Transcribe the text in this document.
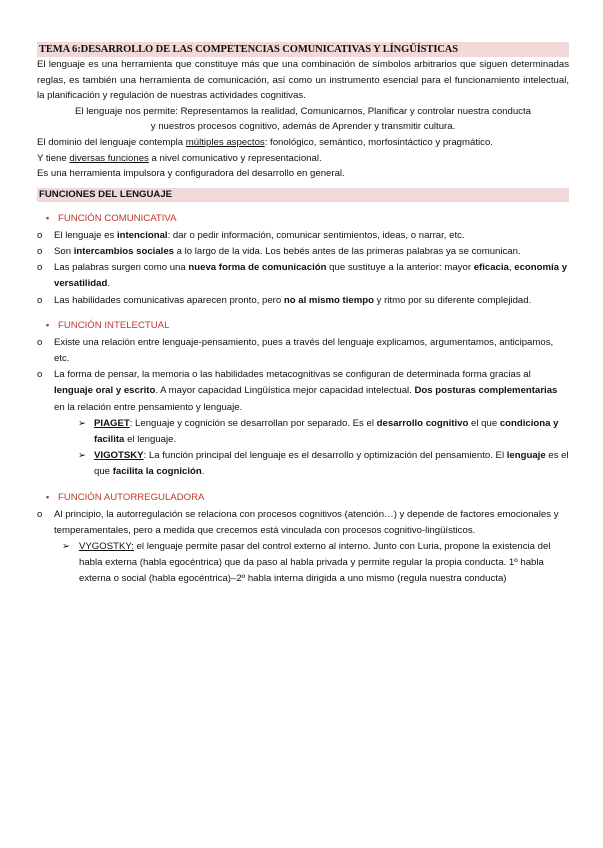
TEMA 6:DESARROLLO DE LAS COMPETENCIAS COMUNICATIVAS Y LÍNGÜÍSTICAS

El lenguaje es una herramienta que constituye más que una combinación de símbolos arbitrarios que siguen determinadas reglas, es también una herramienta de comunicación, así como un instrumento esencial para el funcionamiento intelectual, la planificación y regulación de nuestras actividades cognitivas.

El lenguaje nos permite: Representamos la realidad, Comunicarnos, Planificar y controlar nuestra conducta

y nuestros procesos cognitivo, además de Aprender y transmitir cultura.

El dominio del lenguaje contempla múltiples aspectos: fonológico, semántico, morfosintáctico y pragmático.

Y tiene diversas funciones a nivel comunicativo y representacional.

Es una herramienta impulsora y configuradora del desarrollo en general.

FUNCIONES DEL LENGUAJE
• FUNCIÓN COMUNICATIVA
o El lenguaje es intencional: dar o pedir información, comunicar sentimientos, ideas, o narrar, etc.
o Son intercambios sociales a lo largo de la vida. Los bebés antes de las primeras palabras ya se comunican.
o Las palabras surgen como una nueva forma de comunicación que sustituye a la anterior: mayor eficacia, economía y versatilidad.
o Las habilidades comunicativas aparecen pronto, pero no al mismo tiempo y ritmo por su diferente complejidad.
• FUNCIÓN INTELECTUAL
o Existe una relación entre lenguaje-pensamiento, pues a través del lenguaje explicamos, argumentamos, anticipamos, etc.
o La forma de pensar, la memoria o las habilidades metacognitivas se configuran de determinada forma gracias al lenguaje oral y escrito. A mayor capacidad Lingüística mejor capacidad intelectual. Dos posturas complementarias en la relación entre pensamiento y lenguaje.
➢ PIAGET: Lenguaje y cognición se desarrollan por separado. Es el desarrollo cognitivo el que condiciona y facilita el lenguaje.
➢ VIGOTSKY: La función principal del lenguaje es el desarrollo y optimización del pensamiento. El lenguaje es el que facilita la cognición.
• FUNCIÓN AUTORREGULADORA
o Al principio, la autorregulación se relaciona con procesos cognitivos (atención…) y depende de factores emocionales y temperamentales, pero a medida que crecemos está vinculada con procesos cognitivo-lingüísticos.
➢ VYGOSTKY: el lenguaje permite pasar del control externo al interno. Junto con Luria, propone la existencia del habla externa (habla egocéntrica) que da paso al habla privada y permite regular la propia conducta. 1º habla externa o social (habla egocéntrica)–2º habla interna dirigida a uno mismo (regula nuestra conducta)
